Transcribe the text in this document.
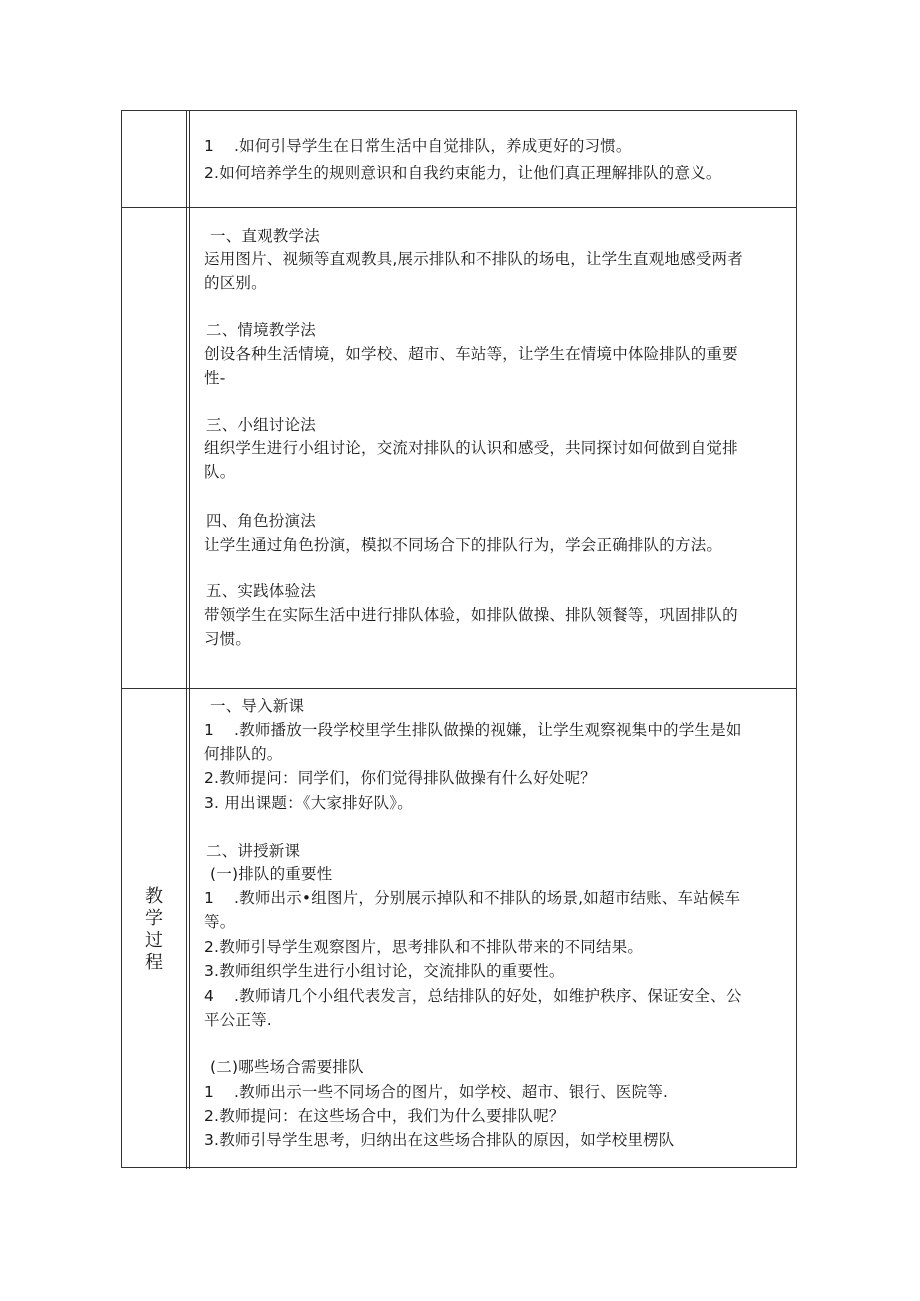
1 .如何引导学生在日常生活中自觉排队，养成更好的习惯。
2.如何培养学生的规则意识和自我约束能力，让他们真正理解排队的意义。
一、直观教学法
运用图片、视频等直观教具,展示排队和不排队的场电，让学生直观地感受两者
的区别。
二、情境教学法
创设各种生活情境，如学校、超市、车站等，让学生在情境中体险排队的重要
性-
三、小组讨论法
组织学生进行小组讨论，交流对排队的认识和感受，共同探讨如何做到自觉排
队。
四、角色扮演法
让学生通过角色扮演，模拟不同场合下的排队行为，学会正确排队的方法。
五、实践体验法
带领学生在实际生活中进行排队体验，如排队做操、排队领餐等，巩固排队的
习惯。
教
学
过
程
一、导入新课
1 .教师播放一段学校里学生排队做操的视嫌，让学生观察视集中的学生是如
何排队的。
2.教师提问：同学们，你们觉得排队做操有什么好处呢？
3. 用出课题：《大家排好队》。
二、讲授新课
(一)排队的重要性
1 .教师出示•组图片，分别展示掉队和不排队的场景,如超市结账、车站候车
等。
2.教师引导学生观察图片，思考排队和不排队带来的不同结果。
3.教师组织学生进行小组讨论，交流排队的重要性。
4 .教师请几个小组代表发言，总结排队的好处，如维护秩序、保证安全、公
平公正等.
(二)哪些场合需要排队
1 .教师出示一些不同场合的图片，如学校、超市、银行、医院等.
2.教师提问：在这些场合中，我们为什么要排队呢？
3.教师引导学生思考，归纳出在这些场合排队的原因，如学校里楞队
